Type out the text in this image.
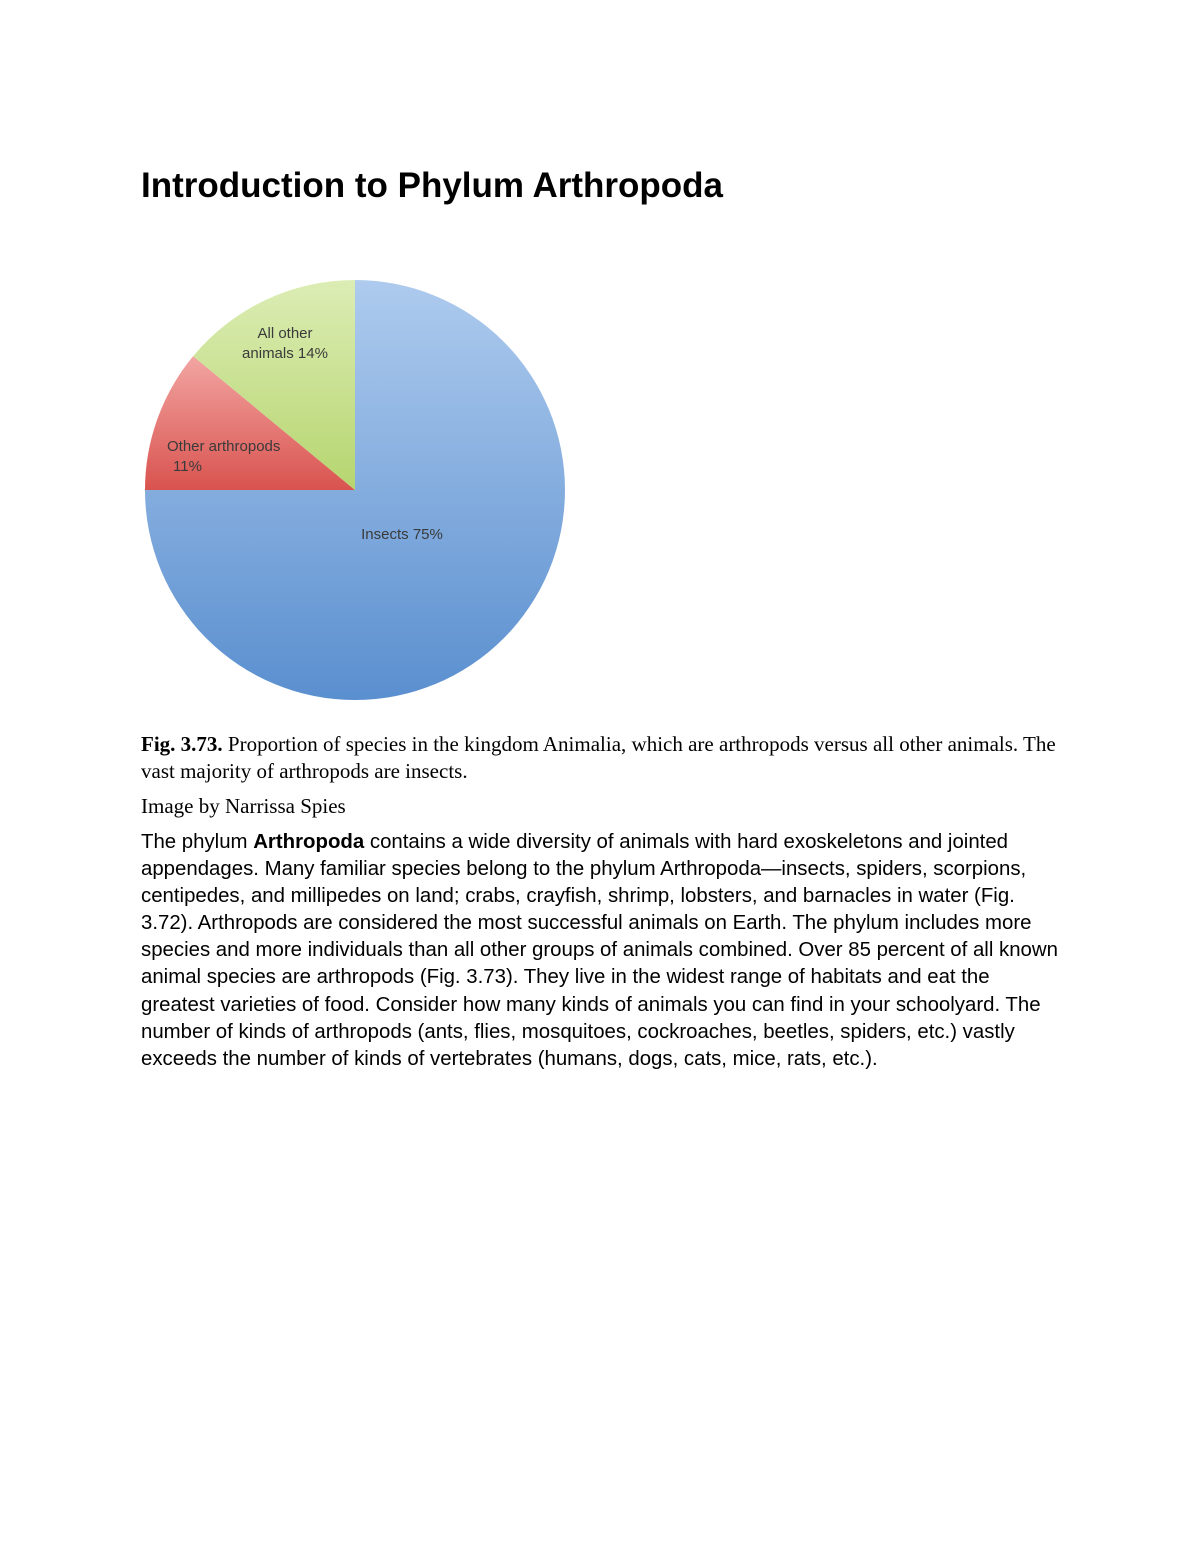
Introduction to Phylum Arthropoda
Insects 75%
Other arthropods 11%
All other animals 14%

Fig. 3.73. Proportion of species in the kingdom Animalia, which are arthropods versus all other animals. The vast majority of arthropods are insects.

Image by Narrissa Spies

The phylum Arthropoda contains a wide diversity of animals with hard exoskeletons and jointed appendages. Many familiar species belong to the phylum Arthropoda—insects, spiders, scorpions, centipedes, and millipedes on land; crabs, crayfish, shrimp, lobsters, and barnacles in water (Fig. 3.72). Arthropods are considered the most successful animals on Earth. The phylum includes more species and more individuals than all other groups of animals combined. Over 85 percent of all known animal species are arthropods (Fig. 3.73). They live in the widest range of habitats and eat the greatest varieties of food. Consider how many kinds of animals you can find in your schoolyard. The number of kinds of arthropods (ants, flies, mosquitoes, cockroaches, beetles, spiders, etc.) vastly exceeds the number of kinds of vertebrates (humans, dogs, cats, mice, rats, etc.).
